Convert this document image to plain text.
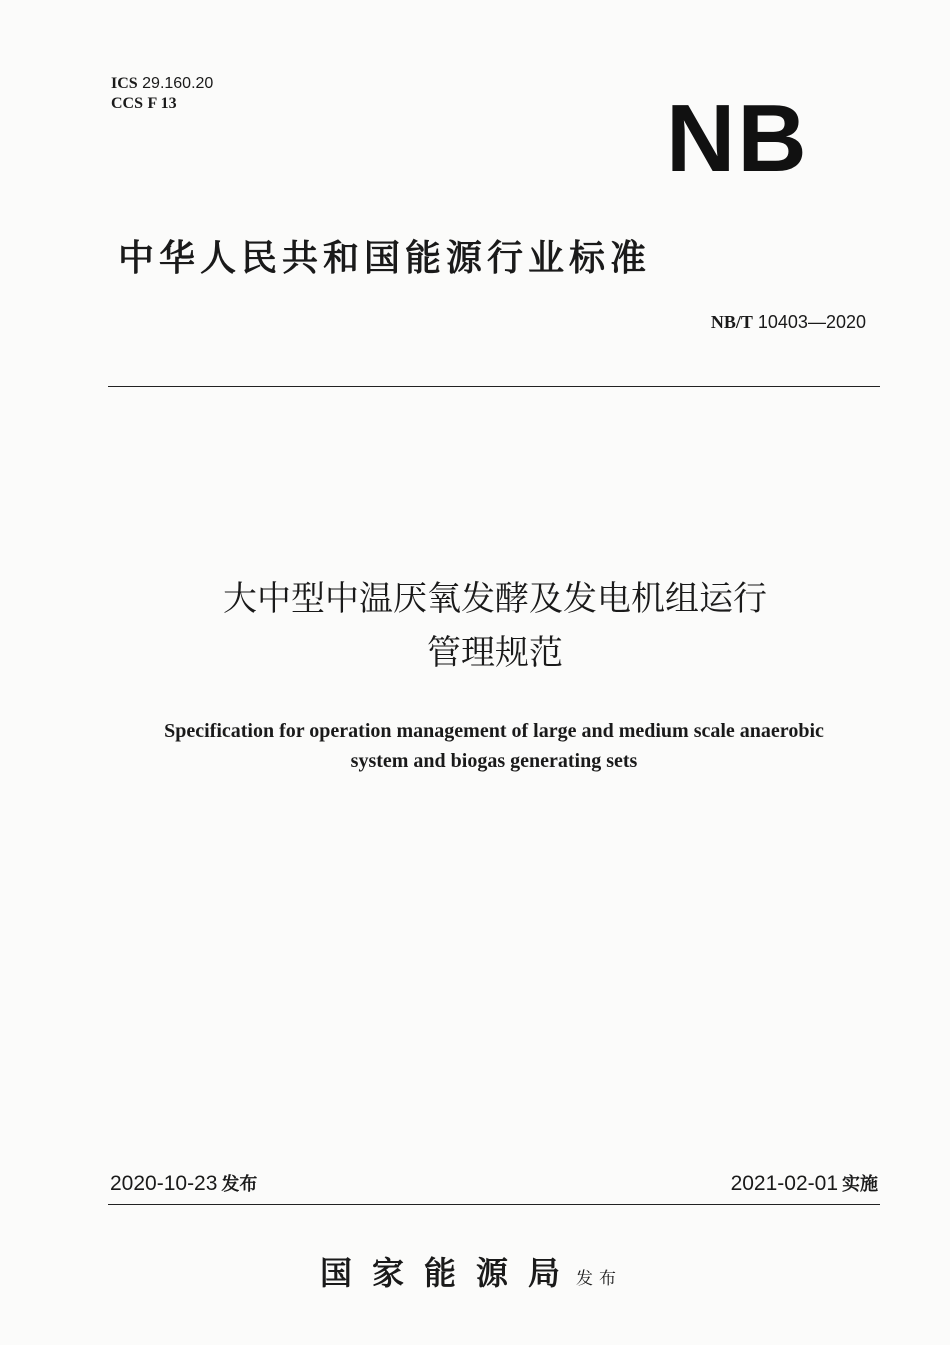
ICS 29.160.20
CCS F 13	NB
中华人民共和国能源行业标准
NB/T 10403—2020
大中型中温厌氧发酵及发电机组运行
管理规范
Specification for operation management of large and medium scale anaerobic
system and biogas generating sets
2020-10-23 发布	2021-02-01 实施
国家能源局发布
